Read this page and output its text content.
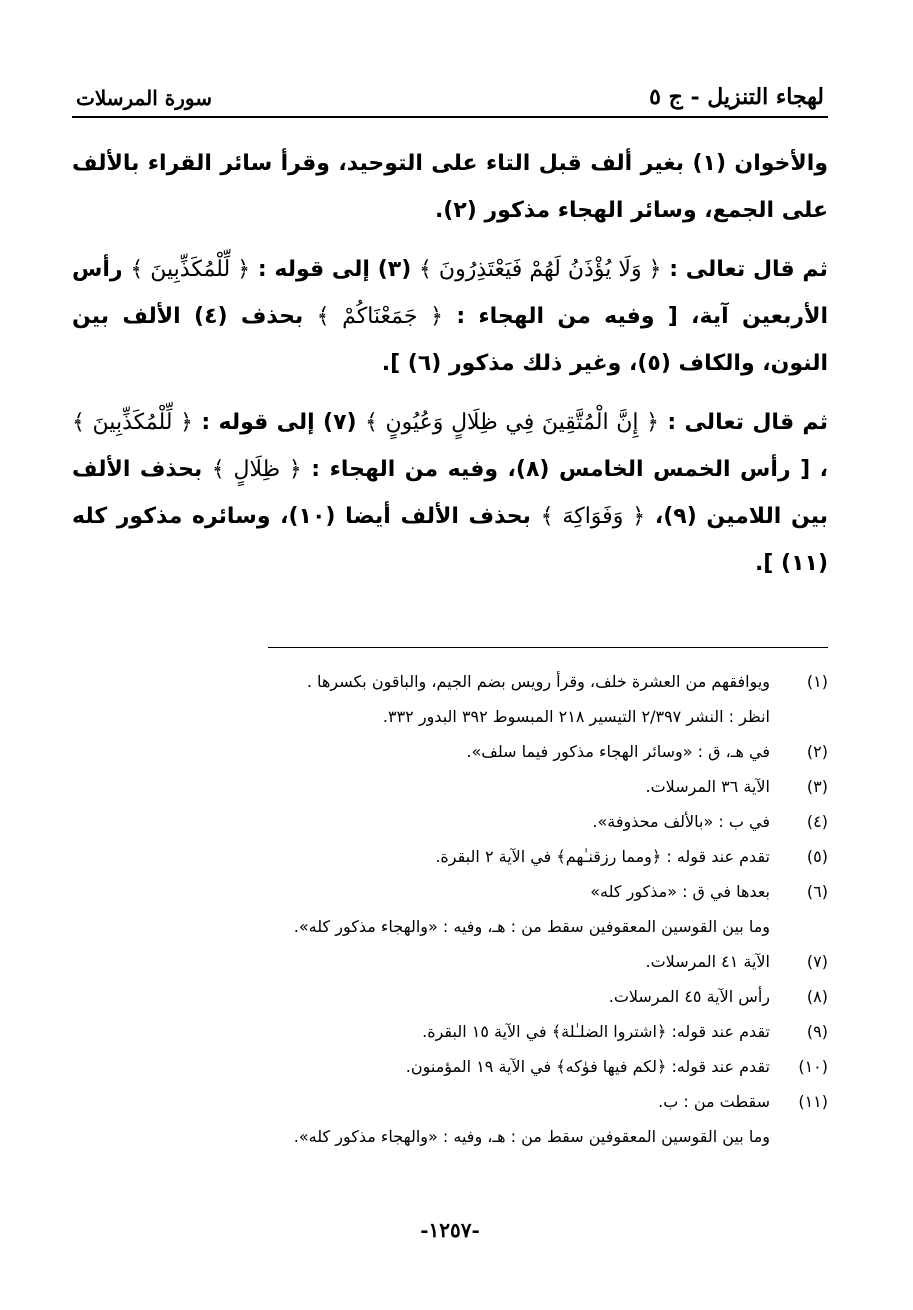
لهجاء التنزيل - ج ٥
سورة المرسلات

والأخوان (١) بغير ألف قبل التاء على التوحيد، وقرأ سائر القراء بالألف على الجمع، وسائر الهجاء مذكور (٢).

ثم قال تعالى : ﴿ وَلَا يُؤْذَنُ لَهُمْ فَيَعْتَذِرُونَ ﴾ (٣) إلى قوله : ﴿ لِّلْمُكَذِّبِينَ ﴾ رأس الأربعين آية، [ وفيه من الهجاء : ﴿ جَمَعْنَاكُمْ ﴾ بحذف (٤) الألف بين النون، والكاف (٥)، وغير ذلك مذكور (٦) ].

ثم قال تعالى : ﴿ إِنَّ الْمُتَّقِينَ فِي ظِلَالٍ وَعُيُونٍ ﴾ (٧) إلى قوله : ﴿ لِّلْمُكَذِّبِينَ ﴾ ، [ رأس الخمس الخامس (٨)، وفيه من الهجاء : ﴿ ظِلَالٍ ﴾ بحذف الألف بين اللامين (٩)، ﴿ وَفَوَاكِهَ ﴾ بحذف الألف أيضا (١٠)، وسائره مذكور كله (١١) ].

(١)
ويوافقهم من العشرة خلف، وقرأ رويس بضم الجيم، والباقون بكسرها .
انظر : النشر ٢/٣٩٧ التيسير ٢١٨ المبسوط ٣٩٢ البدور ٣٣٢.
(٢)
في هـ، ق : «وسائر الهجاء مذكور فيما سلف».
(٣)
الآية ٣٦ المرسلات.
(٤)
في ب : «بالألف محذوفة».
(٥)
تقدم عند قوله : ﴿ومما رزقنـٰهم﴾ في الآية ٢ البقرة.
(٦)
بعدها في ق : «مذكور كله»
وما بين القوسين المعقوفين سقط من : هـ، وفيه : «والهجاء مذكور كله».
(٧)
الآية ٤١ المرسلات.
(٨)
رأس الآية ٤٥ المرسلات.
(٩)
تقدم عند قوله: ﴿اشتروا الضلـٰلة﴾ في الآية ١٥ البقرة.
(١٠)
تقدم عند قوله: ﴿لكم فيها فوٰكه﴾ في الآية ١٩ المؤمنون.
(١١)
سقطت من : ب.
وما بين القوسين المعقوفين سقط من : هـ، وفيه : «والهجاء مذكور كله».
-١٢٥٧-
